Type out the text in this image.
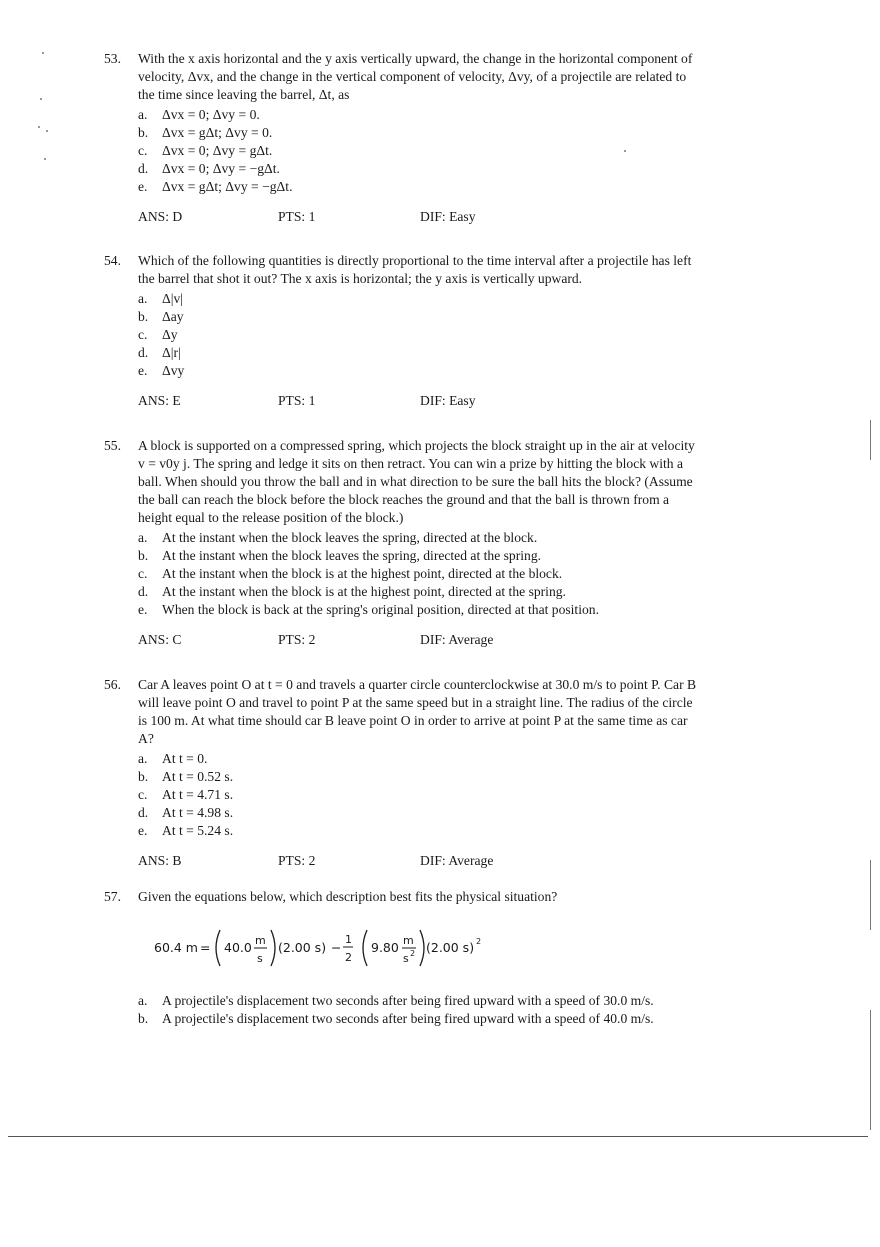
53.	With the x axis horizontal and the y axis vertically upward, the change in the horizontal component of
velocity, Δvx, and the change in the vertical component of velocity, Δvy, of a projectile are related to
the time since leaving the barrel, Δt, as
a. Δvx = 0; Δvy = 0.
b. Δvx = gΔt; Δvy = 0.
c. Δvx = 0; Δvy = gΔt.
d. Δvx = 0; Δvy = −gΔt.
e. Δvx = gΔt; Δvy = −gΔt.
ANS: D	PTS: 1	DIF: Easy
54.	Which of the following quantities is directly proportional to the time interval after a projectile has left
the barrel that shot it out? The x axis is horizontal; the y axis is vertically upward.
a. Δ|v|
b. Δay
c. Δy
d. Δ|r|
e. Δvy
ANS: E	PTS: 1	DIF: Easy
55.	A block is supported on a compressed spring, which projects the block straight up in the air at velocity
v = v0y j. The spring and ledge it sits on then retract. You can win a prize by hitting the block with a
ball. When should you throw the ball and in what direction to be sure the ball hits the block? (Assume
the ball can reach the block before the block reaches the ground and that the ball is thrown from a
height equal to the release position of the block.)
a. At the instant when the block leaves the spring, directed at the block.
b. At the instant when the block leaves the spring, directed at the spring.
c. At the instant when the block is at the highest point, directed at the block.
d. At the instant when the block is at the highest point, directed at the spring.
e. When the block is back at the spring's original position, directed at that position.
ANS: C	PTS: 2	DIF: Average
56.	Car A leaves point O at t = 0 and travels a quarter circle counterclockwise at 30.0 m/s to point P. Car B
will leave point O and travel to point P at the same speed but in a straight line. The radius of the circle
is 100 m. At what time should car B leave point O in order to arrive at point P at the same time as car
A?
a. At t = 0.
b. At t = 0.52 s.
c. At t = 4.71 s.
d. At t = 4.98 s.
e. At t = 5.24 s.
ANS: B	PTS: 2	DIF: Average
57.	Given the equations below, which description best fits the physical situation?
60.4 m = 40.0 m
s
(2.00 s) −
1
2
9.80 m
s 2 (2.00 s) 2
a. A projectile's displacement two seconds after being fired upward with a speed of 30.0 m/s.
b. A projectile's displacement two seconds after being fired upward with a speed of 40.0 m/s.
